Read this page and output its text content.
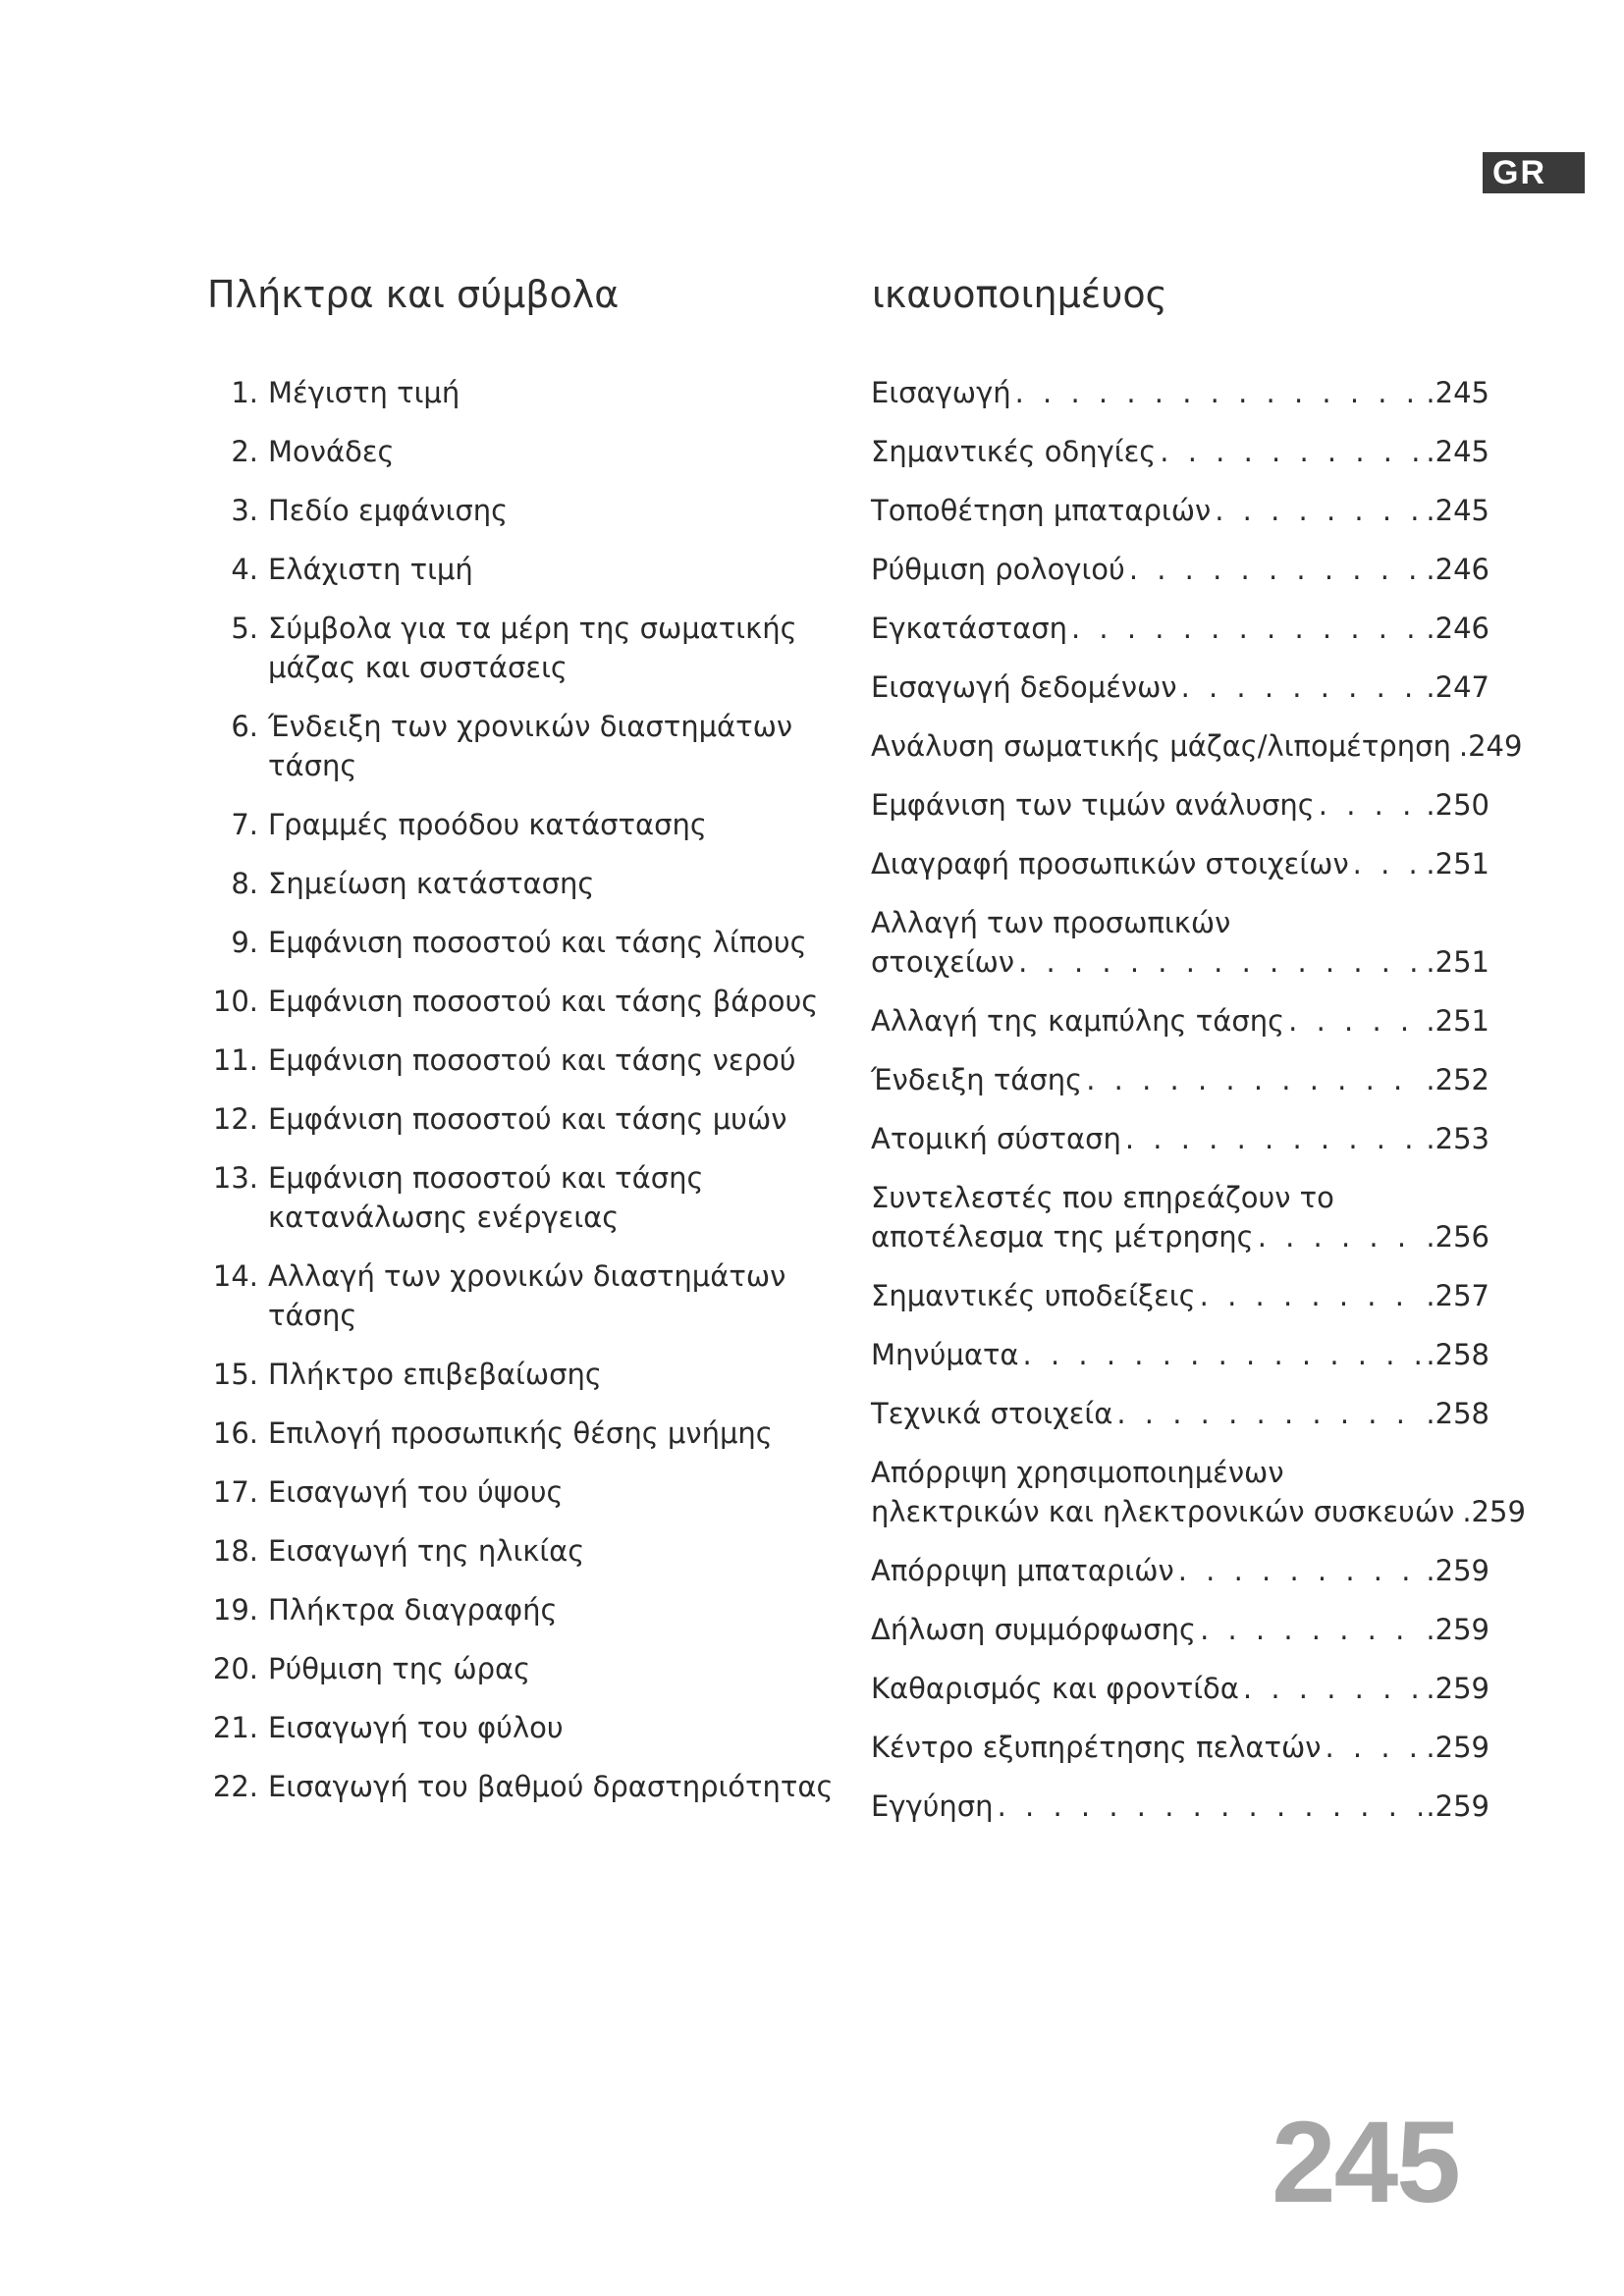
GR
Πλήκτρα και σύμβολα	ικαυοποιημέυος
1. Μέγιστη τιμή
2. Μονάδες
3. Πεδίο εμφάνισης
4. Ελάχιστη τιμή
5. Σύμβολα για τα μέρη της σωματικής μάζας και συστάσεις
6. Ένδειξη των χρονικών διαστημάτων τάσης
7. Γραμμές προόδου κατάστασης
8. Σημείωση κατάστασης
9. Εμφάνιση ποσοστού και τάσης λίπους
10. Εμφάνιση ποσοστού και τάσης βάρους
11. Εμφάνιση ποσοστού και τάσης νερού
12. Εμφάνιση ποσοστού και τάσης μυών
13. Εμφάνιση ποσοστού και τάσης κατανάλωσης ενέργειας
14. Αλλαγή των χρονικών διαστημάτων τάσης
15. Πλήκτρο επιβεβαίωσης
16. Επιλογή προσωπικής θέσης μνήμης
17. Εισαγωγή του ύψους
18. Εισαγωγή της ηλικίας
19. Πλήκτρα διαγραφής
20. Ρύθμιση της ώρας
21. Εισαγωγή του φύλου
22. Εισαγωγή του βαθμού δραστηριότητας
Εισαγωγή . . .	.245
Σημαντικές οδηγίες . . .	.245
Τοποθέτηση μπαταριών . . .	.245
Ρύθμιση ρολογιού . . .	.246
Εγκατάσταση . . .	.246
Εισαγωγή δεδομένων . . .	.247
Ανάλυση σωματικής μάζας/λιπομέτρηση .249
Εμφάνιση των τιμών ανάλυσης . . .	.250
Διαγραφή προσωπικών στοιχείων . . .	.251
Αλλαγή των προσωπικών
στοιχείων . . .	.251
Αλλαγή της καμπύλης τάσης . . .	.251
Ένδειξη τάσης . . .	.252
Ατομική σύσταση . . .	.253
Συντελεστές που επηρεάζουν το
αποτέλεσμα της μέτρησης . . .	.256
Σημαντικές υποδείξεις . . .	.257
Μηνύματα . . .	.258
Τεχνικά στοιχεία . . .	.258
Απόρριψη χρησιμοποιημένων
ηλεκτρικών και ηλεκτρονικών συσκευών .259
Απόρριψη μπαταριών . . .	.259
Δήλωση συμμόρφωσης . . .	.259
Καθαρισμός και φροντίδα . . .	.259
Κέντρο εξυπηρέτησης πελατών . . .	.259
Εγγύηση . . .	.259
245
